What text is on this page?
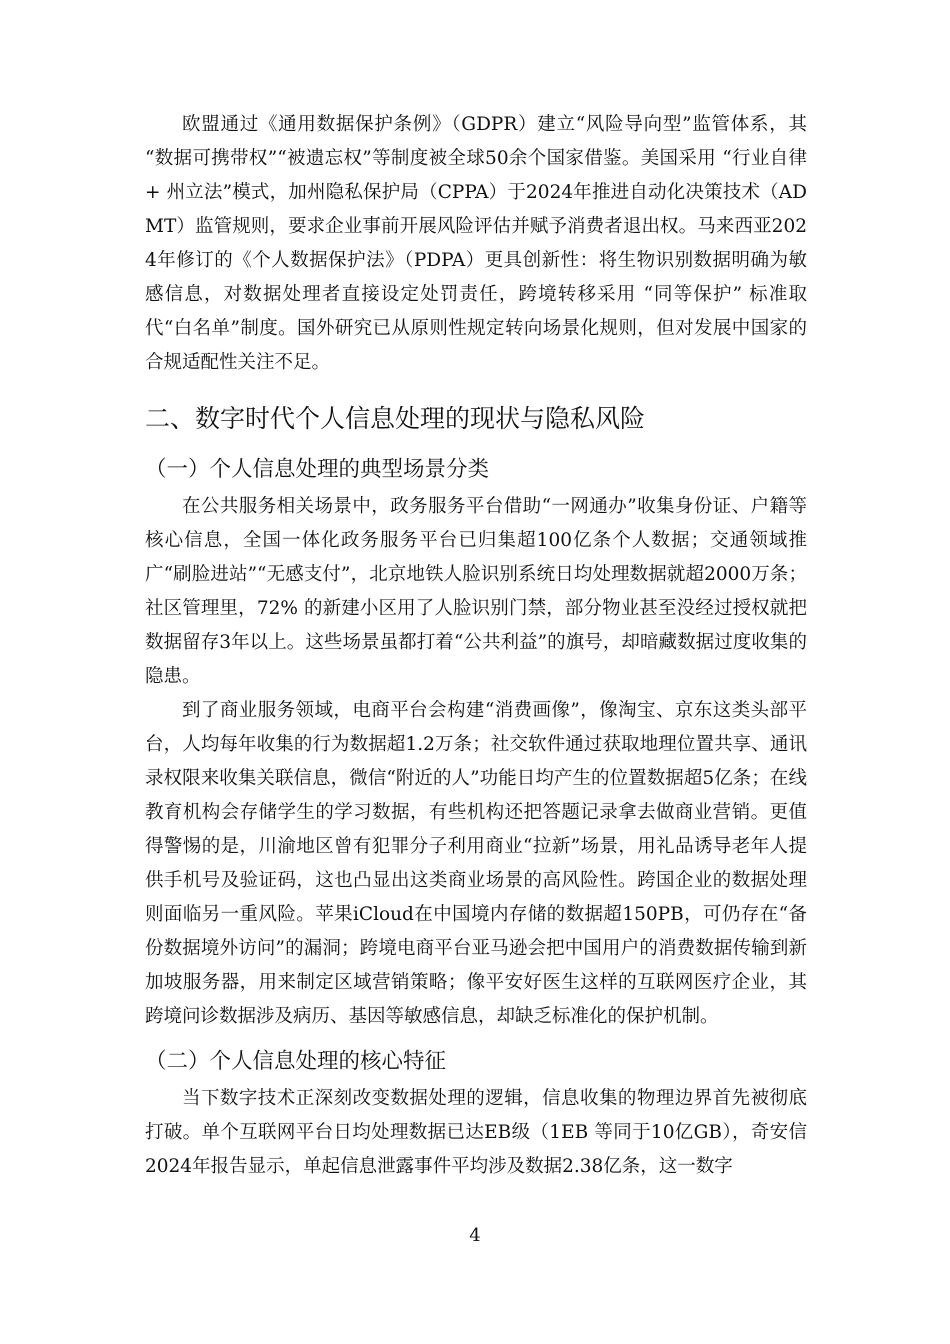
欧盟通过《通用数据保护条例》（GDPR）建立“风险导向型”监管体系，其 “数据可携带权”“被遗忘权”等制度被全球50余个国家借鉴。美国采用 “行业自律 + 州立法”模式，加州隐私保护局（CPPA）于2024年推进自动化决策技术（ADMT）监管规则，要求企业事前开展风险评估并赋予消费者退出权。马来西亚2024年修订的《个人数据保护法》（PDPA）更具创新性：将生物识别数据明确为敏感信息，对数据处理者直接设定处罚责任，跨境转移采用 “同等保护” 标准取代“白名单”制度。国外研究已从原则性规定转向场景化规则，但对发展中国家的合规适配性关注不足。

二、数字时代个人信息处理的现状与隐私风险
（一）个人信息处理的典型场景分类

在公共服务相关场景中，政务服务平台借助“一网通办”收集身份证、户籍等核心信息，全国一体化政务服务平台已归集超100亿条个人数据；交通领域推广“刷脸进站”“无感支付”，北京地铁人脸识别系统日均处理数据就超2000万条；社区管理里，72% 的新建小区用了人脸识别门禁，部分物业甚至没经过授权就把数据留存3年以上。这些场景虽都打着“公共利益”的旗号，却暗藏数据过度收集的隐患。

到了商业服务领域，电商平台会构建“消费画像”，像淘宝、京东这类头部平台，人均每年收集的行为数据超1.2万条；社交软件通过获取地理位置共享、通讯录权限来收集关联信息，微信“附近的人”功能日均产生的位置数据超5亿条；在线教育机构会存储学生的学习数据，有些机构还把答题记录拿去做商业营销。更值得警惕的是，川渝地区曾有犯罪分子利用商业“拉新”场景，用礼品诱导老年人提供手机号及验证码，这也凸显出这类商业场景的高风险性。跨国企业的数据处理则面临另一重风险。苹果iCloud在中国境内存储的数据超150PB，可仍存在“备份数据境外访问”的漏洞；跨境电商平台亚马逊会把中国用户的消费数据传输到新加坡服务器，用来制定区域营销策略；像平安好医生这样的互联网医疗企业，其跨境问诊数据涉及病历、基因等敏感信息，却缺乏标准化的保护机制。

（二）个人信息处理的核心特征

当下数字技术正深刻改变数据处理的逻辑，信息收集的物理边界首先被彻底打破。单个互联网平台日均处理数据已达EB级（1EB 等同于10亿GB），奇安信2024年报告显示，单起信息泄露事件平均涉及数据2.38亿条，这一数字

4
